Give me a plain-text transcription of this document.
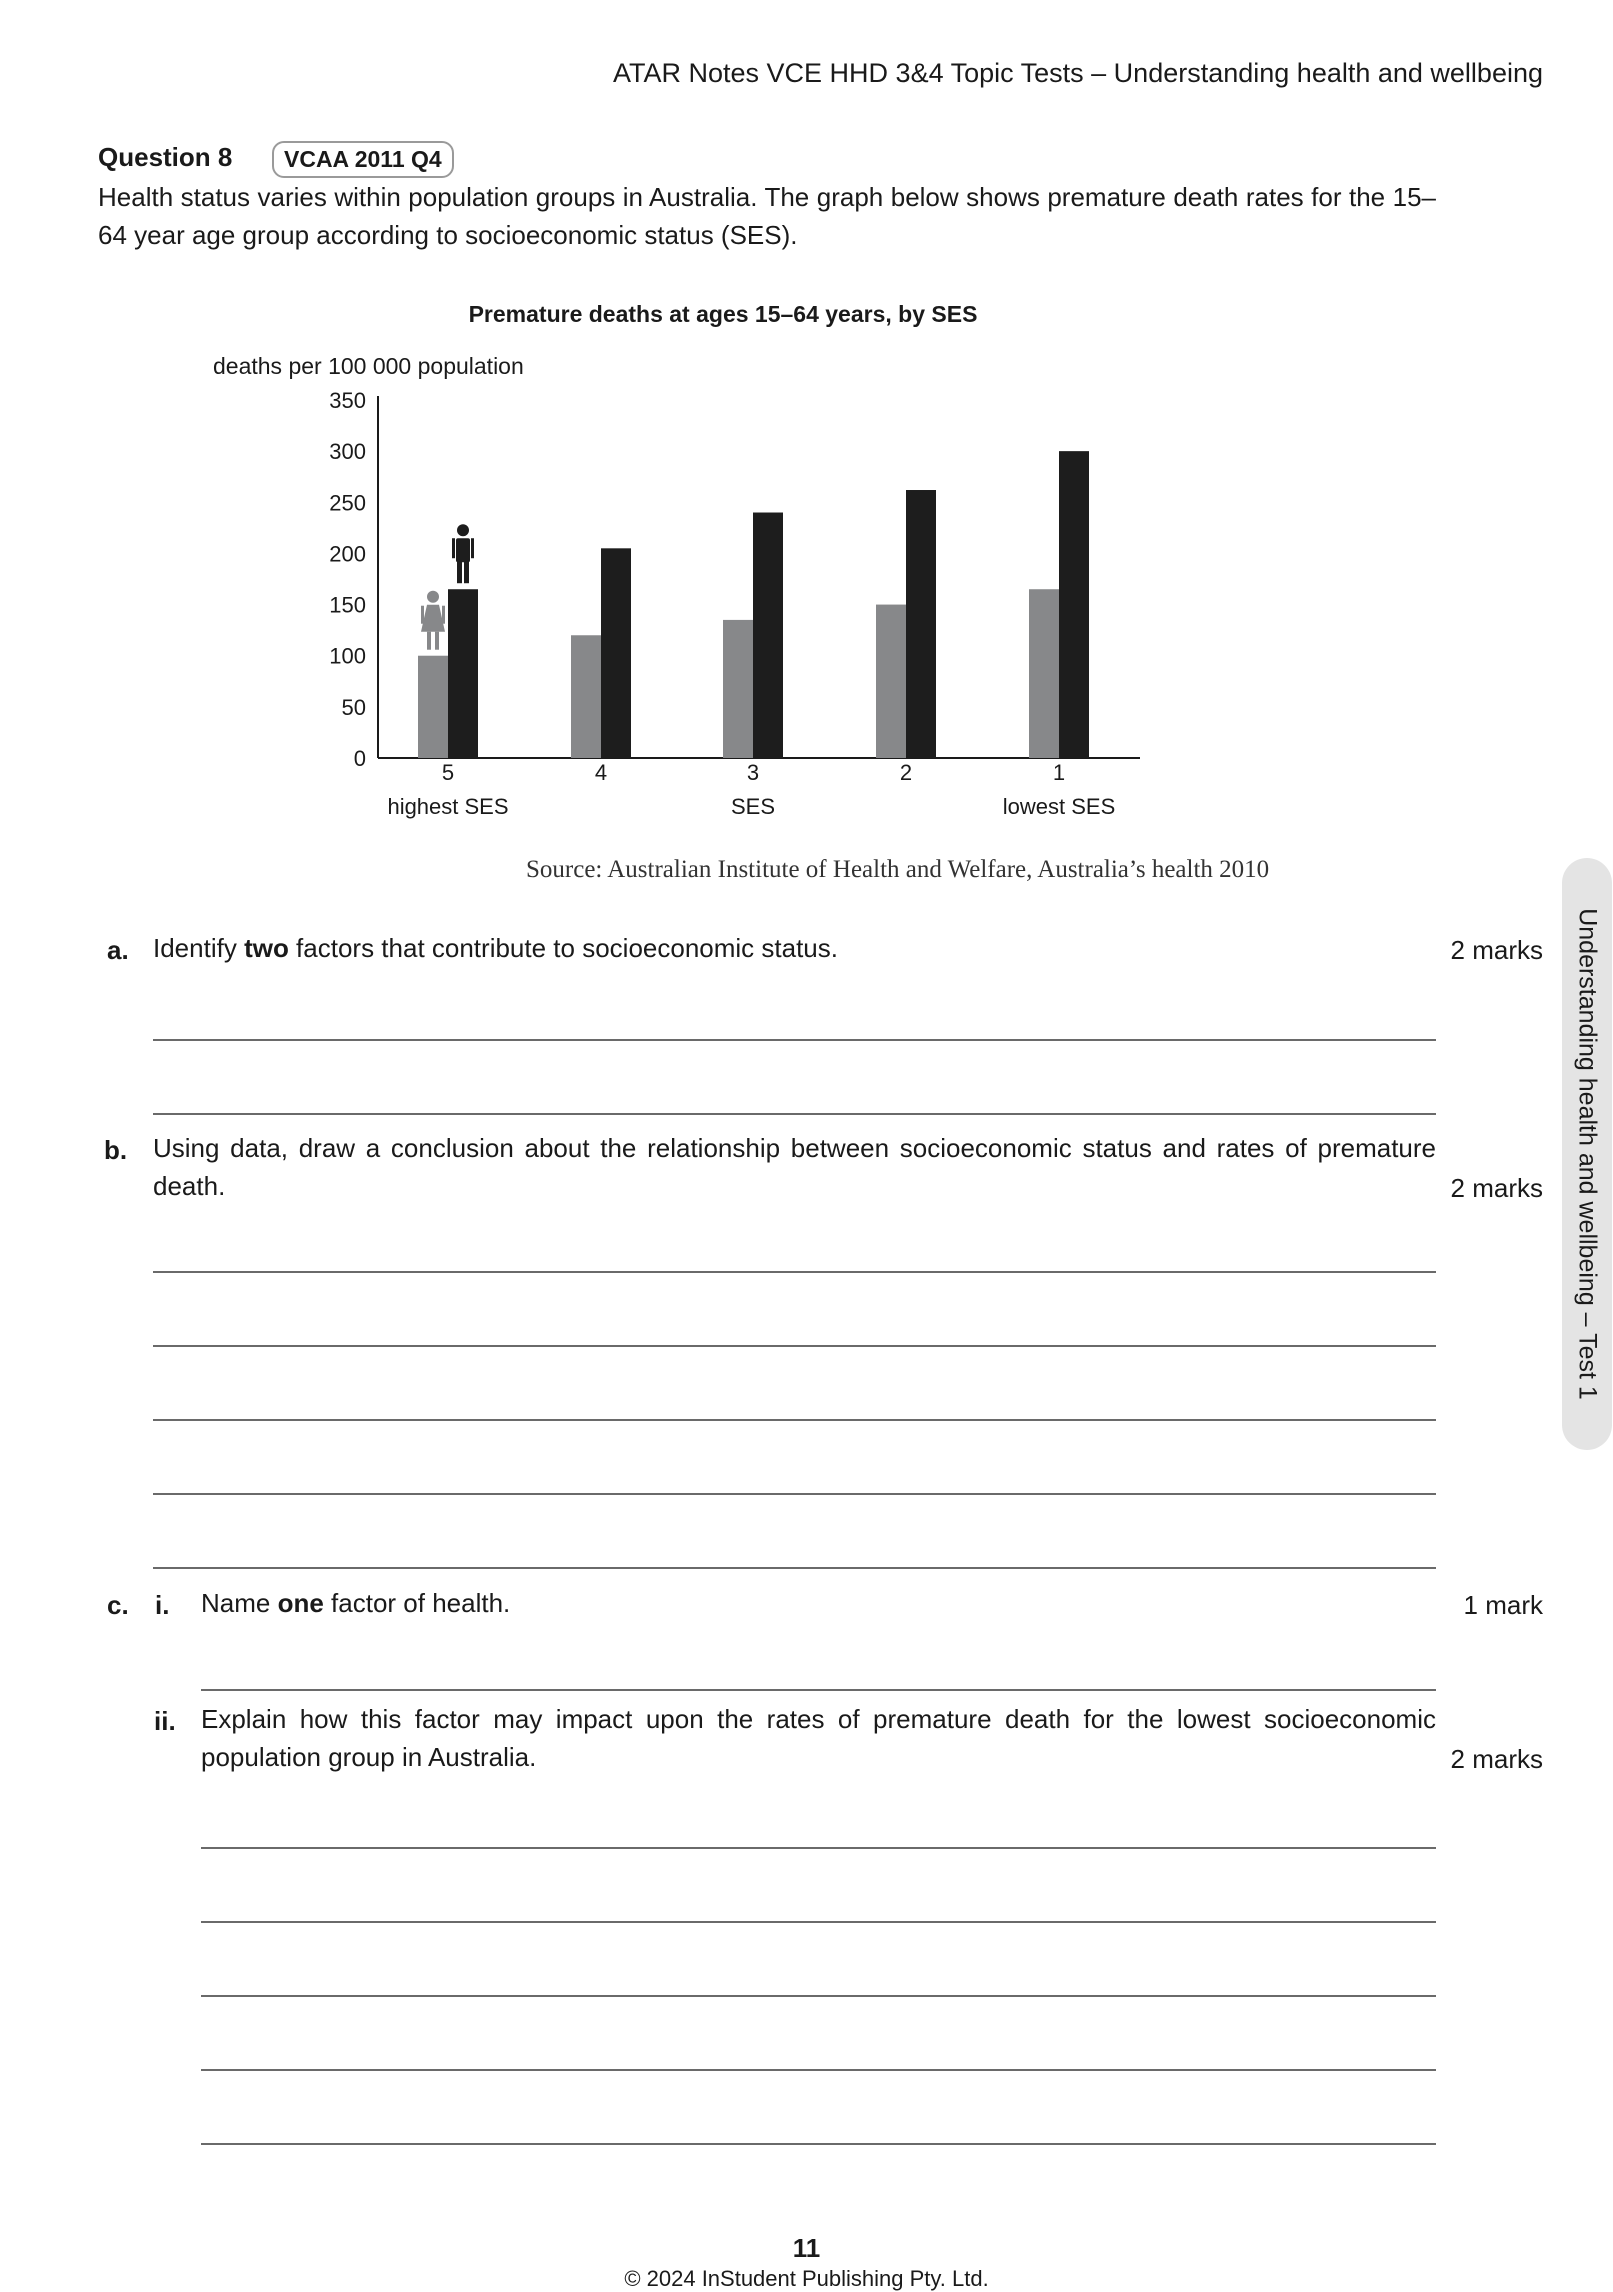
ATAR Notes VCE HHD 3&4 Topic Tests – Understanding health and wellbeing
Question 8	VCAA 2011 Q4
Health status varies within population groups in Australia. The graph below shows premature death rates for the 15–64 year age group according to socioeconomic status (SES).
Premature deaths at ages 15–64 years, by SES
deaths per 100 000 population
0
50
100
150
200
250
300
350
5
highest SES
4	3
SES
2	1
lowest SES
Source: Australian Institute of Health and Welfare, Australia’s health 2010
a. Identify two factors that contribute to socioeconomic status.	2 marks
b. Using data, draw a conclusion about the relationship between socioeconomic status and rates of premature death.	2 marks
c. i. Name one factor of health.	1 mark
ii. Explain how this factor may impact upon the rates of premature death for the lowest socioeconomic population group in Australia.	2 marks
Understanding health and wellbeing – Test 1
11
© 2024 InStudent Publishing Pty. Ltd.
